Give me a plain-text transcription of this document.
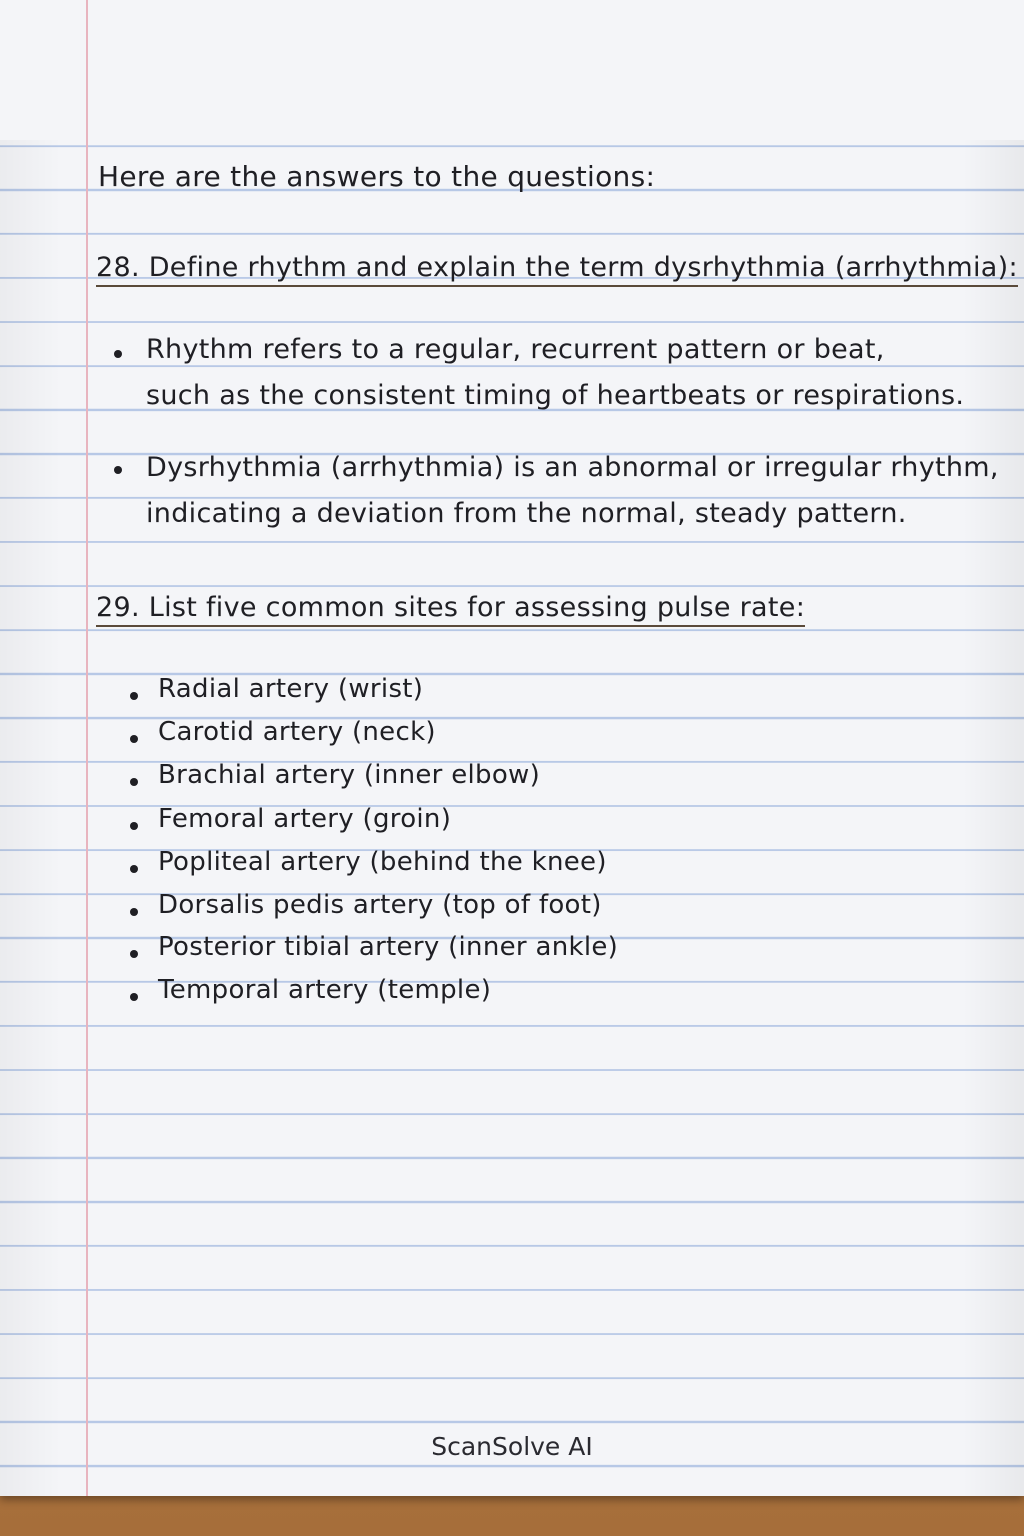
Here are the answers to the questions:
28. Define rhythm and explain the term dysrhythmia (arrhythmia):
Rhythm refers to a regular, recurrent pattern or beat,
such as the consistent timing of heartbeats or respirations.
Dysrhythmia (arrhythmia) is an abnormal or irregular rhythm,
indicating a deviation from the normal, steady pattern.
29. List five common sites for assessing pulse rate:
Radial artery (wrist)
Carotid artery (neck)
Brachial artery (inner elbow)
Femoral artery (groin)
Popliteal artery (behind the knee)
Dorsalis pedis artery (top of foot)
Posterior tibial artery (inner ankle)
Temporal artery (temple)
ScanSolve AI
